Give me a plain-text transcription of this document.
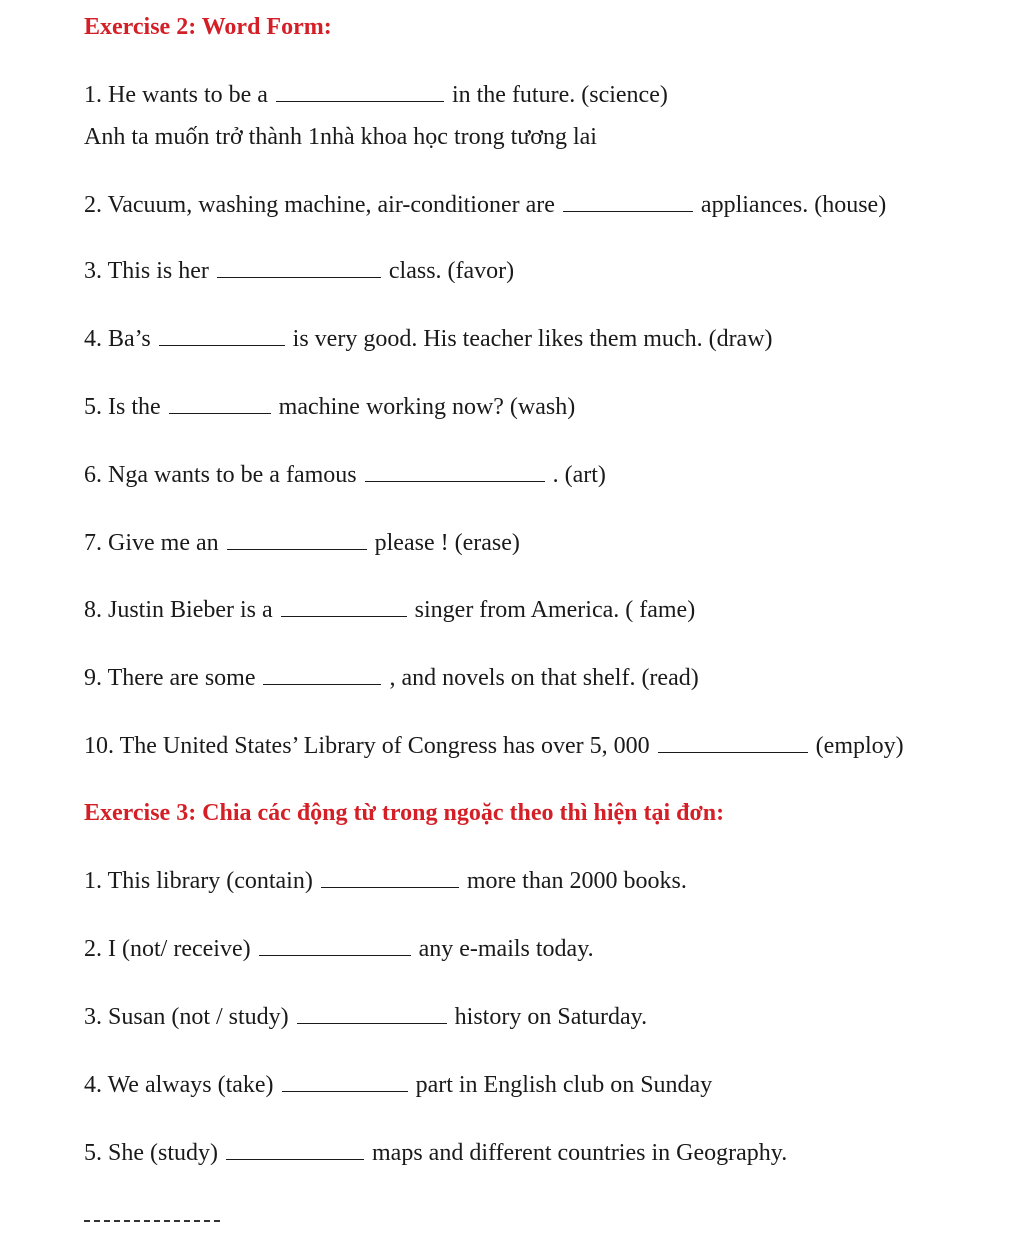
Exercise 2: Word Form:
1. He wants to be a	in the future. (science)
Anh ta muốn trở thành 1nhà khoa học trong tương lai
2. Vacuum, washing machine, air-conditioner are	appliances. (house)
3. This is her	class. (favor)
4. Ba’s	is very good. His teacher likes them much. (draw)
5. Is the	machine working now? (wash)
6. Nga wants to be a famous	. (art)
7. Give me an	please ! (erase)
8. Justin Bieber is a	singer from America. ( fame)
9. There are some	, and novels on that shelf. (read)
10. The United States’ Library of Congress has over 5, 000	(employ)
Exercise 3: Chia các động từ trong ngoặc theo thì hiện tại đơn:
1. This library (contain)	more than 2000 books.
2. I (not/ receive)	any e-mails today.
3. Susan (not / study)	history on Saturday.
4. We always (take)	part in English club on Sunday
5. She (study)	maps and different countries in Geography.
